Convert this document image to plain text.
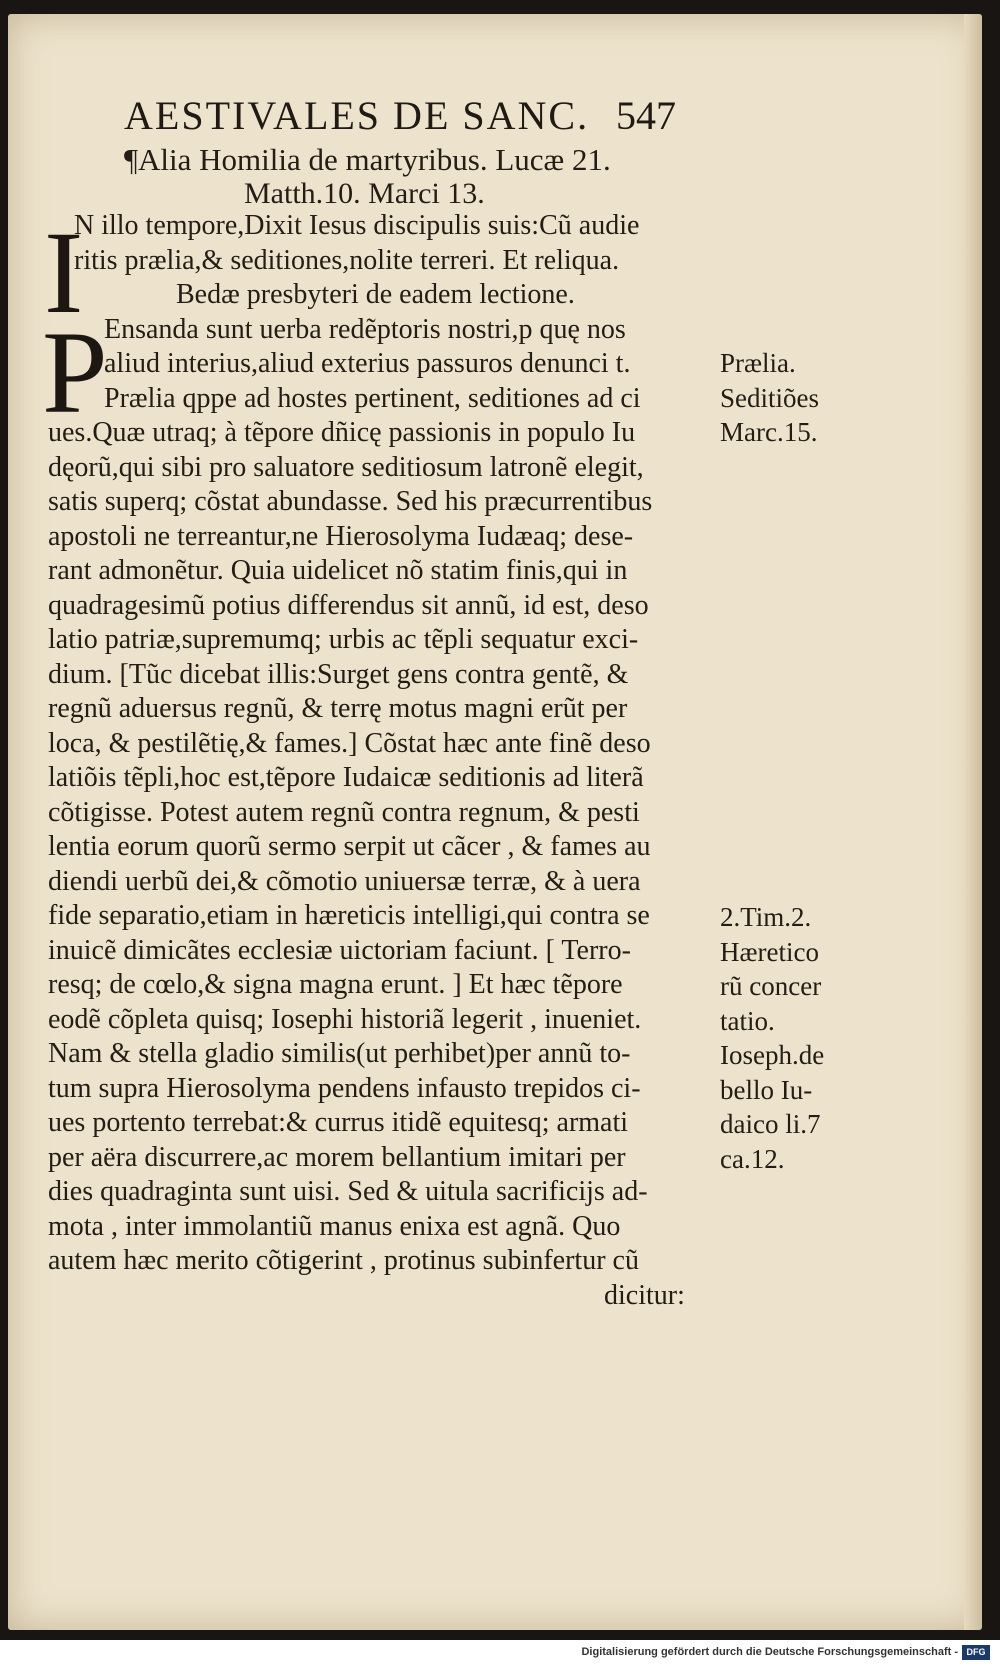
AESTIVALES DE SANC. 547
¶Alia Homilia de martyribus. Lucæ 21.
Matth.10. Marci 13.
I
P
N illo tempore,Dixit Iesus discipulis suis:Cũ audie
ritis prælia,& seditiones,nolite terreri. Et reliqua.
Bedæ presbyteri de eadem lectione.
Ensanda sunt uerba redẽptoris nostri,p quę nos
aliud interius,aliud exterius passuros denunci t.
Prælia qppe ad hostes pertinent, seditiones ad ci
ues.Quæ utraq; à tẽpore dñicę passionis in populo Iu
dęorũ,qui sibi pro saluatore seditiosum latronẽ elegit,
satis superq; cõstat abundasse. Sed his præcurrentibus
apostoli ne terreantur,ne Hierosolyma Iudæaq; dese-
rant admonẽtur. Quia uidelicet nõ statim finis,qui in
quadragesimũ potius differendus sit annũ, id est, deso
latio patriæ,supremumq; urbis ac tẽpli sequatur exci-
dium. [Tũc dicebat illis:Surget gens contra gentẽ, &
regnũ aduersus regnũ, & terrę motus magni erũt per
loca, & pestilẽtię,& fames.] Cõstat hæc ante finẽ deso
latiõis tẽpli,hoc est,tẽpore Iudaicæ seditionis ad literã
cõtigisse. Potest autem regnũ contra regnum, & pesti
lentia eorum quorũ sermo serpit ut cãcer , & fames au
diendi uerbũ dei,& cõmotio uniuersæ terræ, & à uera
fide separatio,etiam in hæreticis intelligi,qui contra se
inuicẽ dimicãtes ecclesiæ uictoriam faciunt. [ Terro-
resq; de cœlo,& signa magna erunt. ] Et hæc tẽpore
eodẽ cõpleta quisq; Iosephi historiã legerit , inueniet.
Nam & stella gladio similis(ut perhibet)per annũ to-
tum supra Hierosolyma pendens infausto trepidos ci-
ues portento terrebat:& currus itidẽ equitesq; armati
per aëra discurrere,ac morem bellantium imitari per
dies quadraginta sunt uisi. Sed & uitula sacrificijs ad-
mota , inter immolantiũ manus enixa est agnã. Quo
autem hæc merito cõtigerint , protinus subinfertur cũ
dicitur:
Prælia.
Seditiões
Marc.15.
2.Tim.2.
Hæretico
rũ concer
tatio.
Ioseph.de
bello Iu-
daico li.7
ca.12.
Digitalisierung gefördert durch die Deutsche Forschungsgemeinschaft - DFG
